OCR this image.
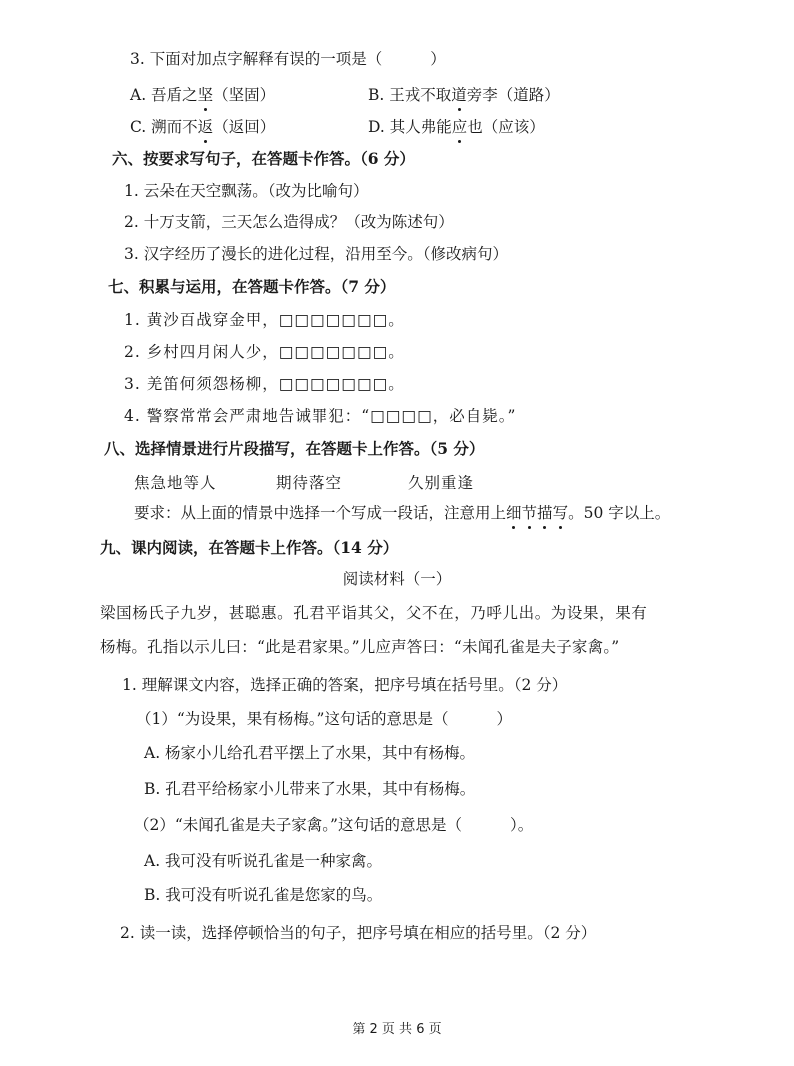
3. 下面对加点字解释有误的一项是（	）
A. 吾盾之坚（坚固）	B. 王戎不取道旁李（道路）
C. 溯而不返（返回）	D. 其人弗能应也（应该）
六、按要求写句子，在答题卡作答。（6 分）
1. 云朵在天空飘荡。（改为比喻句）
2. 十万支箭，三天怎么造得成？（改为陈述句）
3. 汉字经历了漫长的进化过程，沿用至今。（修改病句）
七、积累与运用，在答题卡作答。（7 分）
1. 黄沙百战穿金甲，□□□□□□□。
2. 乡村四月闲人少，□□□□□□□。
3. 羌笛何须怨杨柳，□□□□□□□。
4. 警察常常会严肃地告诫罪犯：“□□□□，必自毙。”
八、选择情景进行片段描写，在答题卡上作答。（5 分）
焦急地等人	期待落空	久别重逢
要求：从上面的情景中选择一个写成一段话，注意用上细节描写。50 字以上。
九、课内阅读，在答题卡上作答。（14 分）
阅读材料（一）
梁国杨氏子九岁，甚聪惠。孔君平诣其父，父不在，乃呼儿出。为设果，果有
杨梅。孔指以示儿曰：“此是君家果。”儿应声答曰：“未闻孔雀是夫子家禽。”
1. 理解课文内容，选择正确的答案，把序号填在括号里。（2 分）
（1）“为设果，果有杨梅。”这句话的意思是（	）
A. 杨家小儿给孔君平摆上了水果，其中有杨梅。
B. 孔君平给杨家小儿带来了水果，其中有杨梅。
（2）“未闻孔雀是夫子家禽。”这句话的意思是（	）。
A. 我可没有听说孔雀是一种家禽。
B. 我可没有听说孔雀是您家的鸟。
2. 读一读，选择停顿恰当的句子，把序号填在相应的括号里。（2 分）
第 2 页 共 6 页
